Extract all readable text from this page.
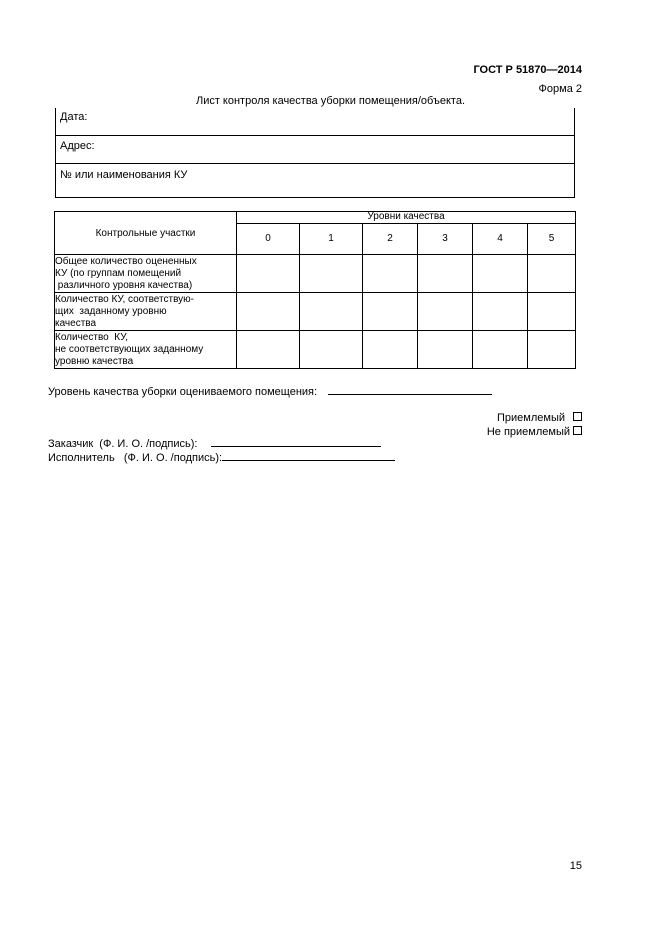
ГОСТ Р 51870—2014
Форма 2
Лист контроля качества уборки помещения/объекта.
Дата:
Адрес:
№ или наименования КУ
Контрольные участки	Уровни качества					
	0	1	2	3	4	5

Общее количество оцененных
КУ (по группам помещений
различного уровня качества)						

Количество КУ, соответствую-
щих  заданному уровню
качества						

Количество  КУ,
не соответствующих заданному
уровню качества						

Уровень качества уборки оцениваемого помещения:
Приемлемый
Не приемлемый
Заказчик  (Ф. И. О. /подпись):
Исполнитель   (Ф. И. О. /подпись):
15
